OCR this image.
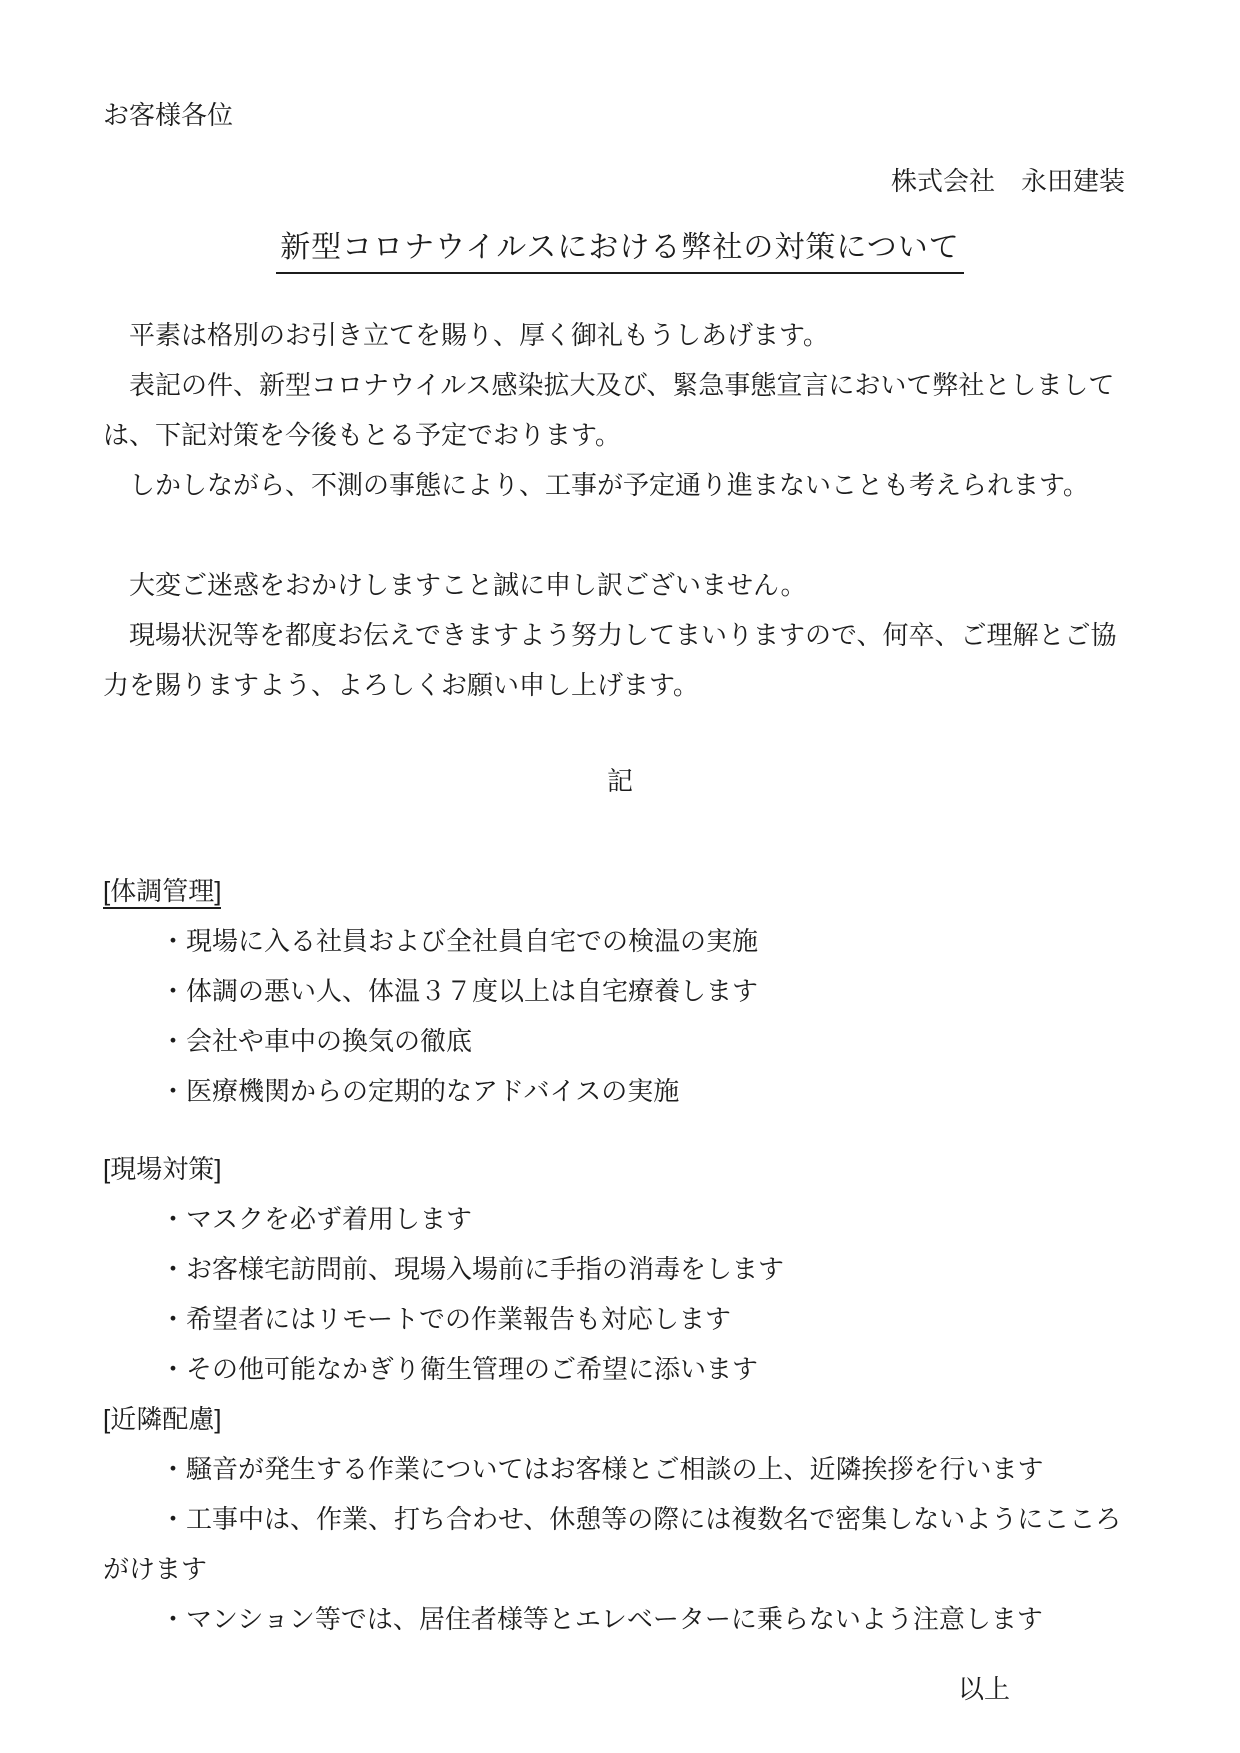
お客様各位
株式会社　永田建装
新型コロナウイルスにおける弊社の対策について

平素は格別のお引き立てを賜り、厚く御礼もうしあげます。

表記の件、新型コロナウイルス感染拡大及び、緊急事態宣言において弊社としましては、下記対策を今後もとる予定でおります。

しかしながら、不測の事態により、工事が予定通り進まないことも考えられます。

大変ご迷惑をおかけしますこと誠に申し訳ございません。

現場状況等を都度お伝えできますよう努力してまいりますので、何卒、ご理解とご協力を賜りますよう、よろしくお願い申し上げます。

記
[体調管理]

・現場に入る社員および全社員自宅での検温の実施

・体調の悪い人、体温３７度以上は自宅療養します

・会社や車中の換気の徹底

・医療機関からの定期的なアドバイスの実施

[現場対策]

・マスクを必ず着用します

・お客様宅訪問前、現場入場前に手指の消毒をします

・希望者にはリモートでの作業報告も対応します

・その他可能なかぎり衛生管理のご希望に添います

[近隣配慮]

・騒音が発生する作業についてはお客様とご相談の上、近隣挨拶を行います

・工事中は、作業、打ち合わせ、休憩等の際には複数名で密集しないようにこころがけます

・マンション等では、居住者様等とエレベーターに乗らないよう注意します

以上
